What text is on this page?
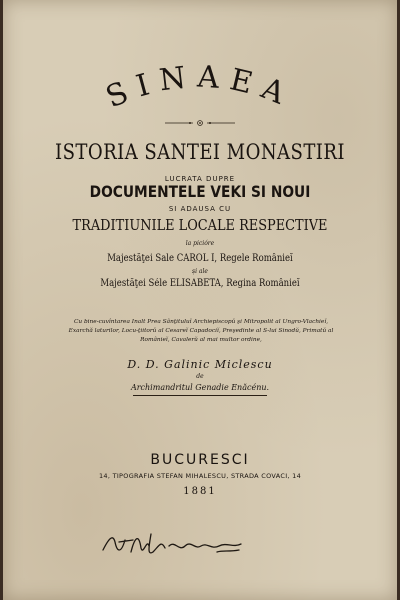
SINAEA
ISTORIA SANTEI MONASTIRI
LUCRATA DUPRE
DOCUMENTELE VEKI SI NOUI
SI ADAUSA CU
TRADITIUNILE LOCALE RESPECTIVE
la picióre
Majestăţei Sale CAROL I, Regele Românieĭ
și ale
Majestăţei Séle ELISABETA, Regina Românieĭ
Cu bine-cuvîntarea Inalt Prea Sânţituluĭ Archiepiscopŭ şi Mitropolit al Ungro-Vlachieĭ, Exarchă laturilor, Locu-ţiitorŭ al Cesareĭ Capadociĭ, Preşedinte al S-lui Sinodŭ, Primatŭ al Românieĭ, Cavalerŭ al mai multor ordine,
D. D. Galinic Miclescu
de
Archimandritul Genadie Enăcénu.
BUCURESCI
14, TIPOGRAFIA STEFAN MIHALESCU, STRADA COVACI, 14
1881
